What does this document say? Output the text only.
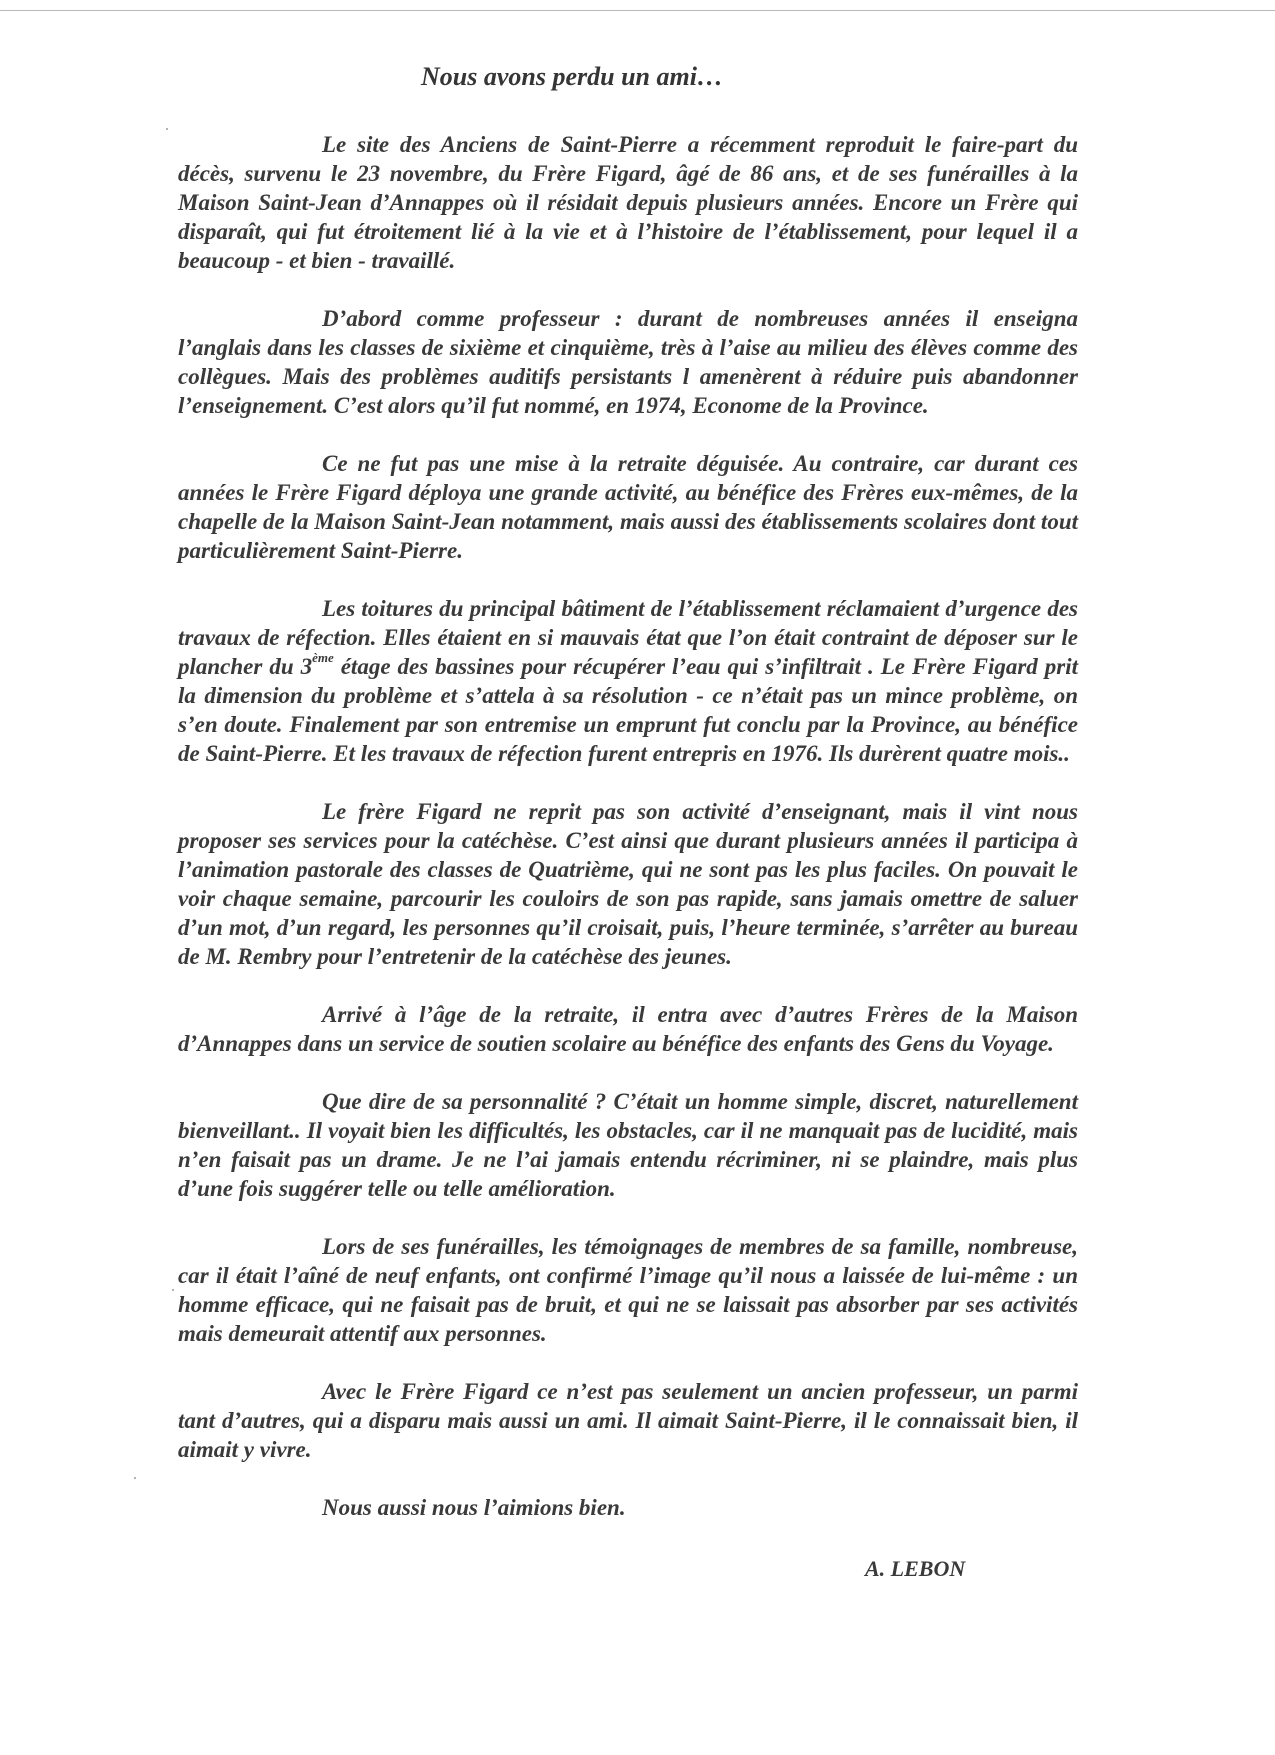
Nous avons perdu un ami…

Le site des Anciens de Saint-Pierre a récemment reproduit le faire-part du décès, survenu le 23 novembre, du Frère Figard, âgé de 86 ans, et de ses funérailles à la Maison Saint-Jean d’Annappes où il résidait depuis plusieurs années. Encore un Frère qui disparaît, qui fut étroitement lié à la vie et à l’histoire de l’établissement, pour lequel il a beaucoup - et bien - travaillé.

D’abord comme professeur : durant de nombreuses années il enseigna l’anglais dans les classes de sixième et cinquième, très à l’aise au milieu des élèves comme des collègues. Mais des problèmes auditifs persistants l amenèrent à réduire puis abandonner l’enseignement. C’est alors qu’il fut nommé, en 1974, Econome de la Province.

Ce ne fut pas une mise à la retraite déguisée. Au contraire, car durant ces années le Frère Figard déploya une grande activité, au bénéfice des Frères eux-mêmes, de la chapelle de la Maison Saint-Jean notamment, mais aussi des établissements scolaires dont tout particulièrement Saint-Pierre.

Les toitures du principal bâtiment de l’établissement réclamaient d’urgence des travaux de réfection. Elles étaient en si mauvais état que l’on était contraint de déposer sur le plancher du 3ème étage des bassines pour récupérer l’eau qui s’infiltrait . Le Frère Figard prit la dimension du problème et s’attela à sa résolution - ce n’était pas un mince problème, on s’en doute. Finalement par son entremise un emprunt fut conclu par la Province, au bénéfice de Saint-Pierre. Et les travaux de réfection furent entrepris en 1976. Ils durèrent quatre mois..

Le frère Figard ne reprit pas son activité d’enseignant, mais il vint nous proposer ses services pour la catéchèse. C’est ainsi que durant plusieurs années il participa à l’animation pastorale des classes de Quatrième, qui ne sont pas les plus faciles. On pouvait le voir chaque semaine, parcourir les couloirs de son pas rapide, sans jamais omettre de saluer d’un mot, d’un regard, les personnes qu’il croisait, puis, l’heure terminée, s’arrêter au bureau de M. Rembry pour l’entretenir de la catéchèse des jeunes.

Arrivé à l’âge de la retraite, il entra avec d’autres Frères de la Maison d’Annappes dans un service de soutien scolaire au bénéfice des enfants des Gens du Voyage.

Que dire de sa personnalité ? C’était un homme simple, discret, naturellement bienveillant.. Il voyait bien les difficultés, les obstacles, car il ne manquait pas de lucidité, mais n’en faisait pas un drame. Je ne l’ai jamais entendu récriminer, ni se plaindre, mais plus d’une fois suggérer telle ou telle amélioration.

Lors de ses funérailles, les témoignages de membres de sa famille, nombreuse, car il était l’aîné de neuf enfants, ont confirmé l’image qu’il nous a laissée de lui-même : un homme efficace, qui ne faisait pas de bruit, et qui ne se laissait pas absorber par ses activités mais demeurait attentif aux personnes.

Avec le Frère Figard ce n’est pas seulement un ancien professeur, un parmi tant d’autres, qui a disparu mais aussi un ami. Il aimait Saint-Pierre, il le connaissait bien, il aimait y vivre.

Nous aussi nous l’aimions bien.

A. LEBON
